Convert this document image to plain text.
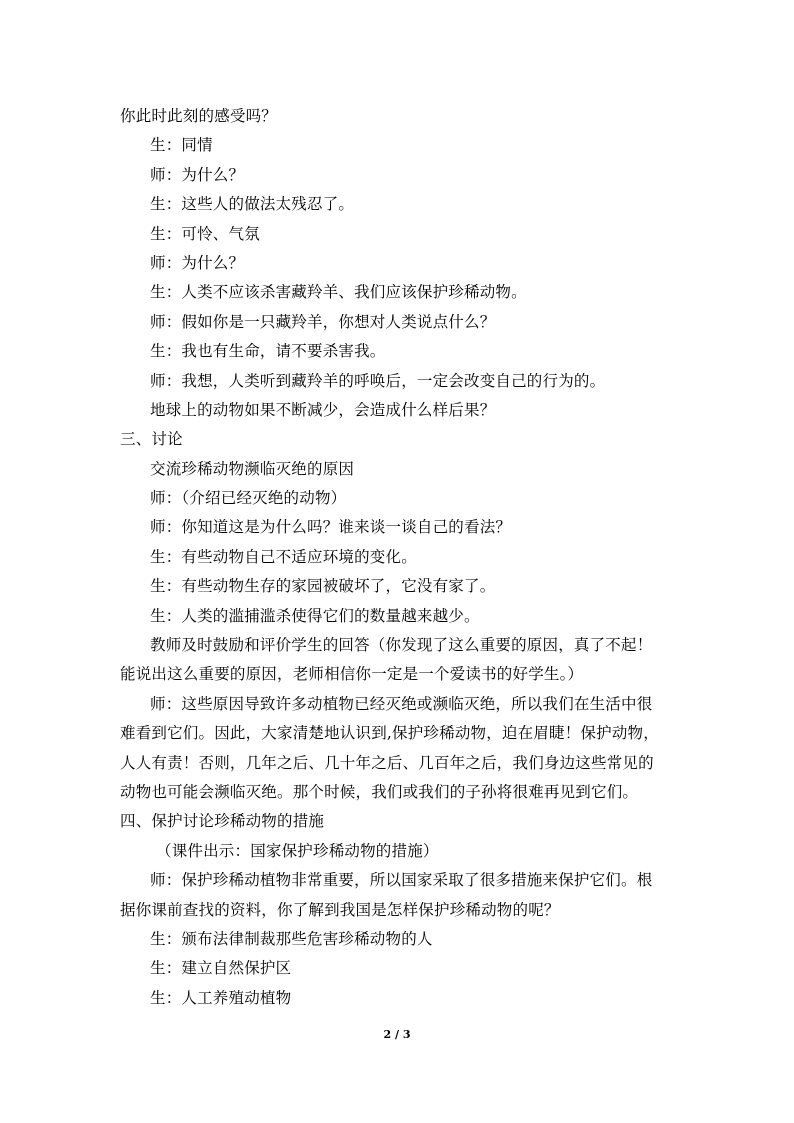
你此时此刻的感受吗？
生：同情
师：为什么？
生：这些人的做法太残忍了。
生：可怜、气氛
师：为什么？
生：人类不应该杀害藏羚羊、我们应该保护珍稀动物。
师：假如你是一只藏羚羊，你想对人类说点什么？
生：我也有生命，请不要杀害我。
师：我想，人类听到藏羚羊的呼唤后，一定会改变自己的行为的。
地球上的动物如果不断减少，会造成什么样后果？
三、讨论
交流珍稀动物濒临灭绝的原因
师：（介绍已经灭绝的动物）
师：你知道这是为什么吗？谁来谈一谈自己的看法？
生：有些动物自己不适应环境的变化。
生：有些动物生存的家园被破坏了，它没有家了。
生：人类的滥捕滥杀使得它们的数量越来越少。
教师及时鼓励和评价学生的回答（你发现了这么重要的原因，真了不起！
能说出这么重要的原因，老师相信你一定是一个爱读书的好学生。）
师：这些原因导致许多动植物已经灭绝或濒临灭绝，所以我们在生活中很
难看到它们。因此，大家清楚地认识到,保护珍稀动物，迫在眉睫！保护动物，
人人有责！否则，几年之后、几十年之后、几百年之后，我们身边这些常见的
动物也可能会濒临灭绝。那个时候，我们或我们的子孙将很难再见到它们。
四、保护讨论珍稀动物的措施
（课件出示：国家保护珍稀动物的措施）
师：保护珍稀动植物非常重要，所以国家采取了很多措施来保护它们。根
据你课前查找的资料，你了解到我国是怎样保护珍稀动物的呢？
生：颁布法律制裁那些危害珍稀动物的人
生：建立自然保护区
生：人工养殖动植物
2 / 3
